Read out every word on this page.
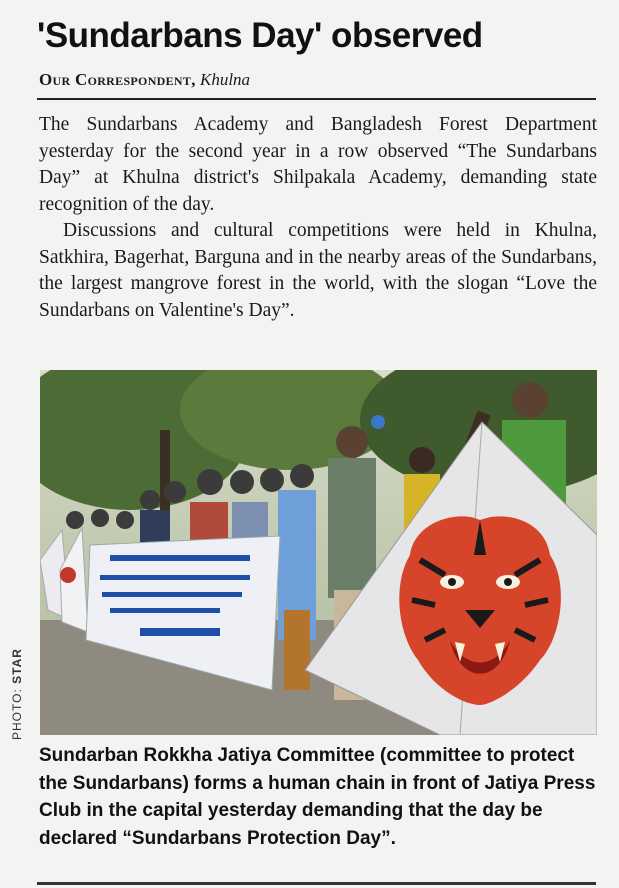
'Sundarbans Day' observed
Our Correspondent, Khulna

The Sundarbans Academy and Bangladesh Forest Department yesterday for the second year in a row observed “The Sundarbans Day” at Khulna district's Shilpakala Academy, demanding state recognition of the day.

Discussions and cultural competitions were held in Khulna, Satkhira, Bagerhat, Barguna and in the nearby areas of the Sundarbans, the largest mangrove forest in the world, with the slogan “Love the Sundarbans on Valentine's Day”.

PHOTO: STAR
Sundarban Rokkha Jatiya Committee (committee to protect the Sundarbans) forms a human chain in front of Jatiya Press Club in the capital yesterday demanding that the day be declared “Sundarbans Protection Day”.
